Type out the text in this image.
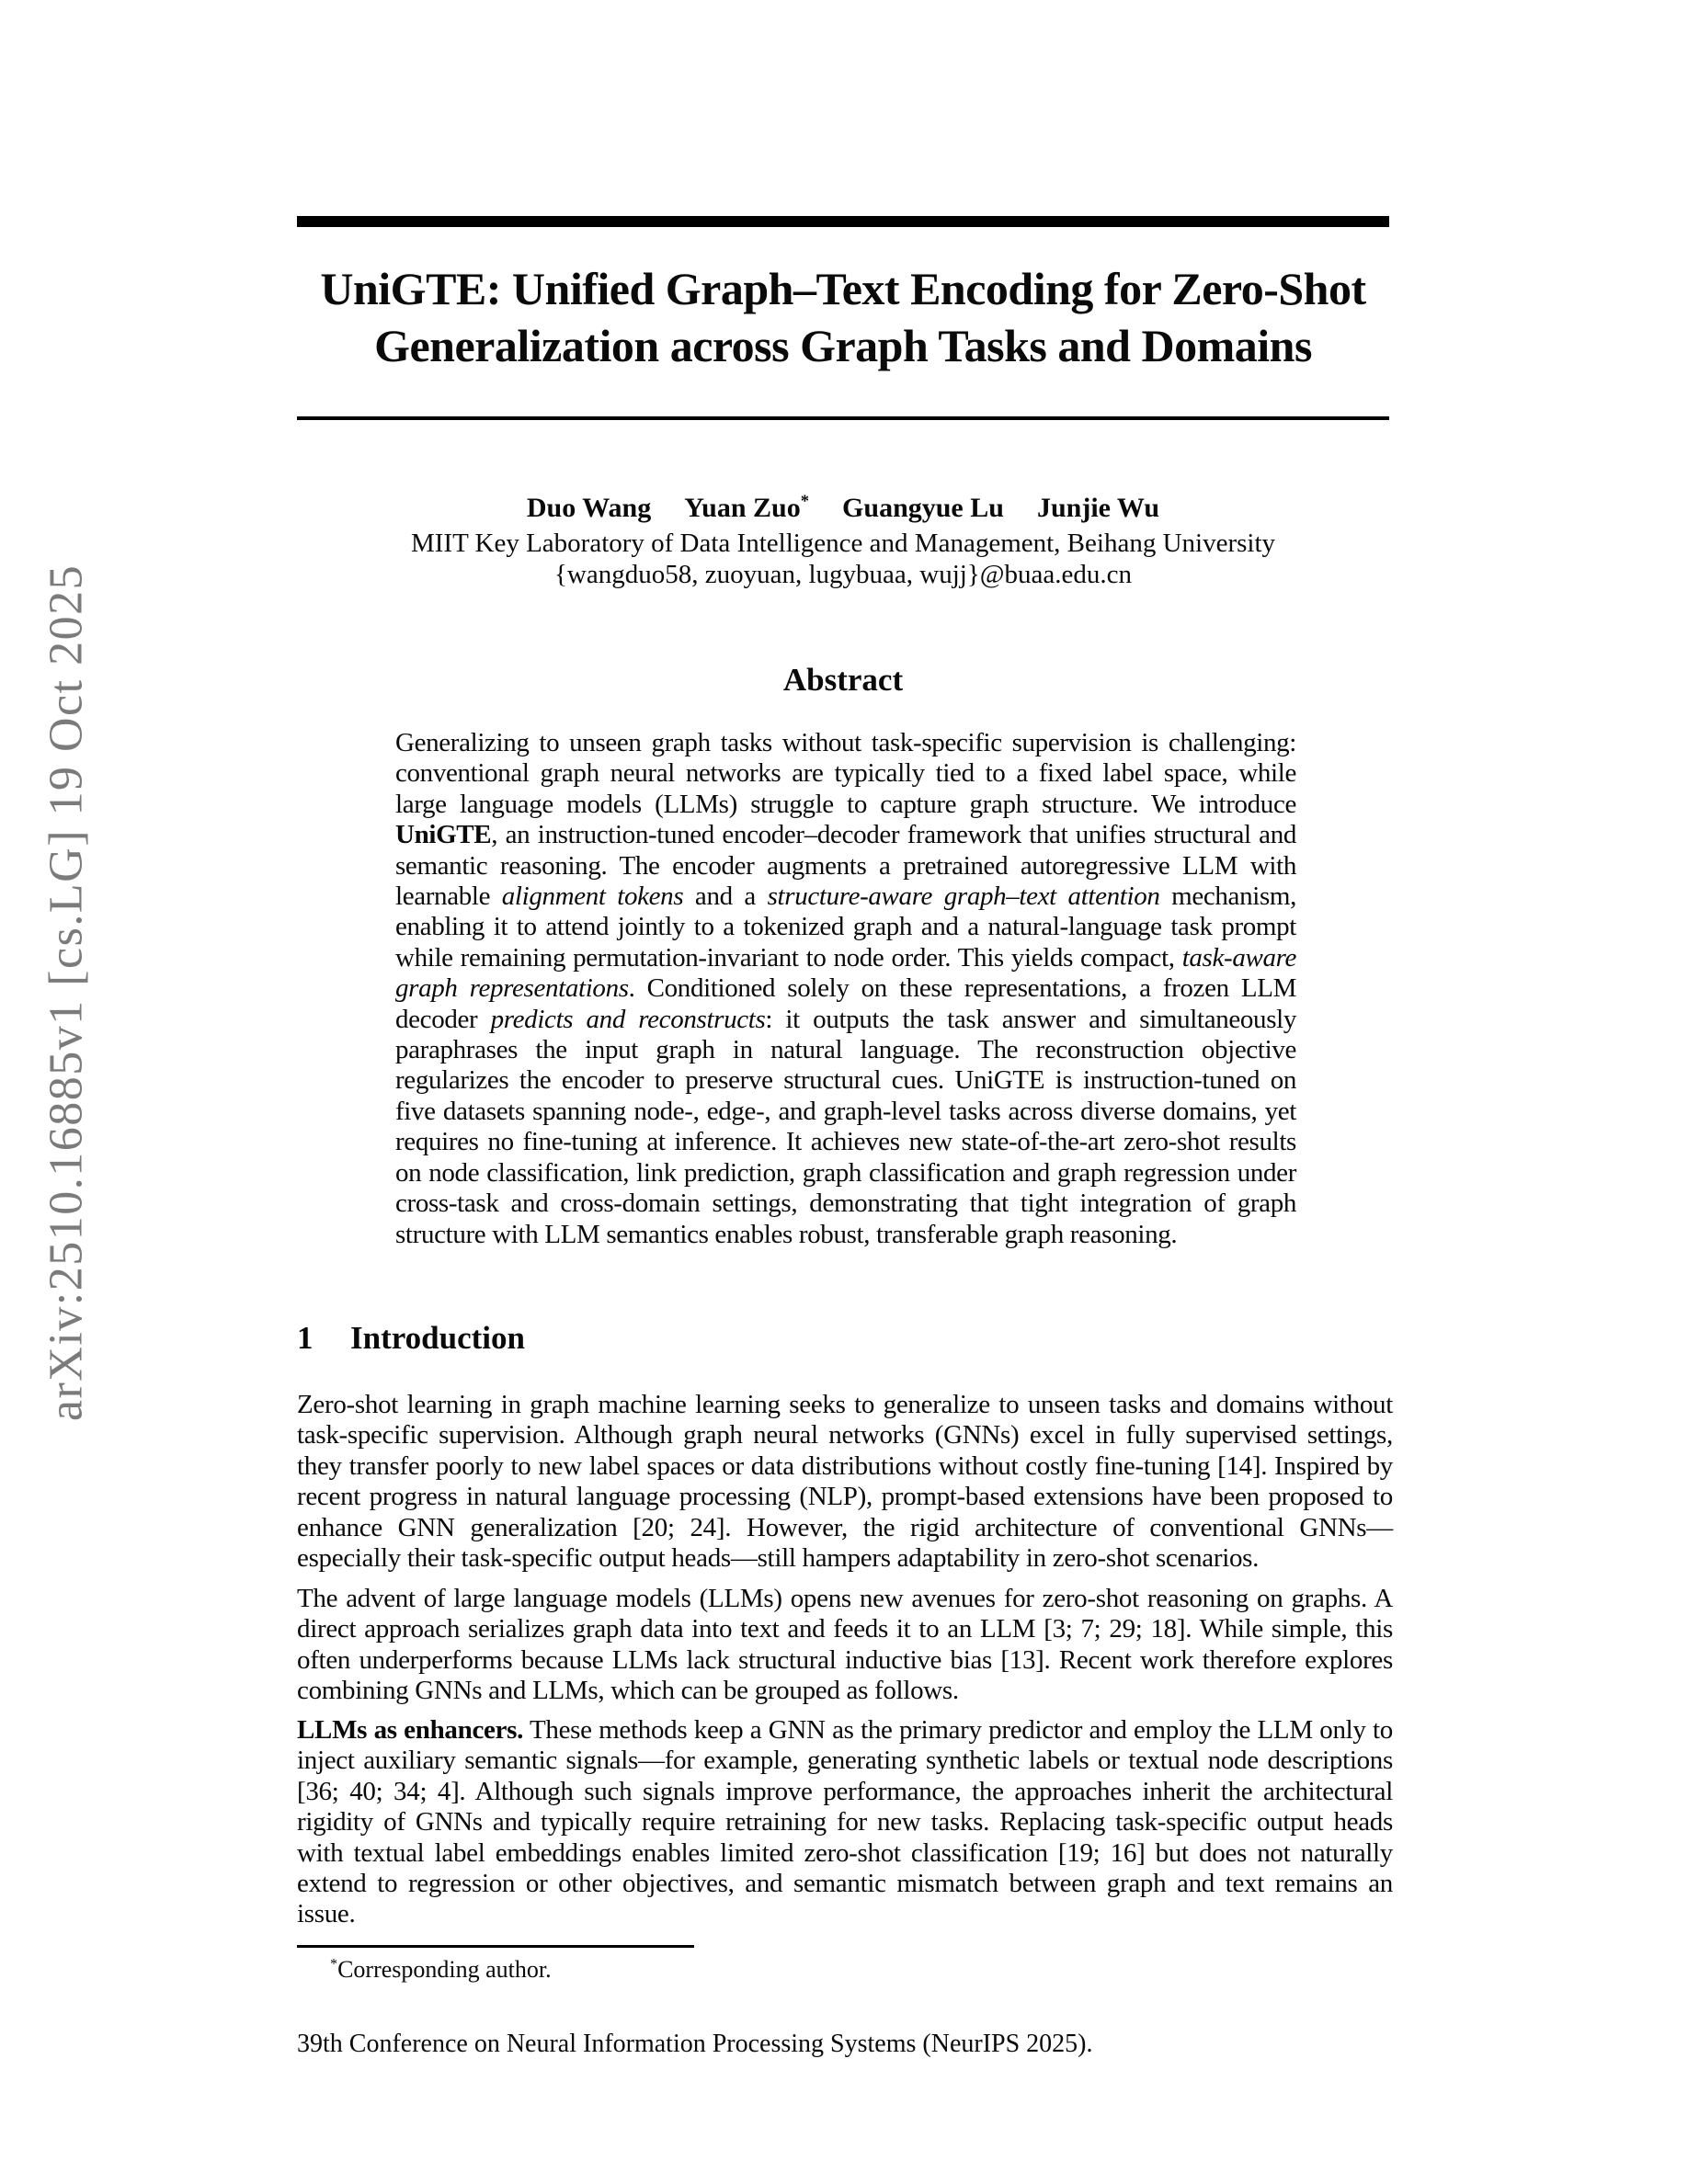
arXiv:2510.16885v1 [cs.LG] 19 Oct 2025
UniGTE: Unified Graph–Text Encoding for Zero-Shot
Generalization across Graph Tasks and Domains
Duo Wang   Yuan Zuo*   Guangyue Lu   Junjie Wu
MIIT Key Laboratory of Data Intelligence and Management, Beihang University
{wangduo58, zuoyuan, lugybuaa, wujj}@buaa.edu.cn
Abstract
Generalizing to unseen graph tasks without task-specific supervision is challenging: conventional graph neural networks are typically tied to a fixed label space, while large language models (LLMs) struggle to capture graph structure. We introduce UniGTE, an instruction-tuned encoder–decoder framework that unifies structural and semantic reasoning. The encoder augments a pretrained autoregressive LLM with learnable alignment tokens and a structure-aware graph–text attention mechanism, enabling it to attend jointly to a tokenized graph and a natural-language task prompt while remaining permutation-invariant to node order. This yields compact, task-aware graph representations. Conditioned solely on these representations, a frozen LLM decoder predicts and reconstructs: it outputs the task answer and simultaneously paraphrases the input graph in natural language. The reconstruction objective regularizes the encoder to preserve structural cues. UniGTE is instruction-tuned on five datasets spanning node-, edge-, and graph-level tasks across diverse domains, yet requires no fine-tuning at inference. It achieves new state-of-the-art zero-shot results on node classification, link prediction, graph classification and graph regression under cross-task and cross-domain settings, demonstrating that tight integration of graph structure with LLM semantics enables robust, transferable graph reasoning.
1 Introduction

Zero-shot learning in graph machine learning seeks to generalize to unseen tasks and domains without task-specific supervision. Although graph neural networks (GNNs) excel in fully supervised settings, they transfer poorly to new label spaces or data distributions without costly fine-tuning [14]. Inspired by recent progress in natural language processing (NLP), prompt-based extensions have been proposed to enhance GNN generalization [20; 24]. However, the rigid architecture of conventional GNNs—especially their task-specific output heads—still hampers adaptability in zero-shot scenarios.

The advent of large language models (LLMs) opens new avenues for zero-shot reasoning on graphs. A direct approach serializes graph data into text and feeds it to an LLM [3; 7; 29; 18]. While simple, this often underperforms because LLMs lack structural inductive bias [13]. Recent work therefore explores combining GNNs and LLMs, which can be grouped as follows.

LLMs as enhancers. These methods keep a GNN as the primary predictor and employ the LLM only to inject auxiliary semantic signals—for example, generating synthetic labels or textual node descriptions [36; 40; 34; 4]. Although such signals improve performance, the approaches inherit the architectural rigidity of GNNs and typically require retraining for new tasks. Replacing task-specific output heads with textual label embeddings enables limited zero-shot classification [19; 16] but does not naturally extend to regression or other objectives, and semantic mismatch between graph and text remains an issue.

*Corresponding author.
39th Conference on Neural Information Processing Systems (NeurIPS 2025).
